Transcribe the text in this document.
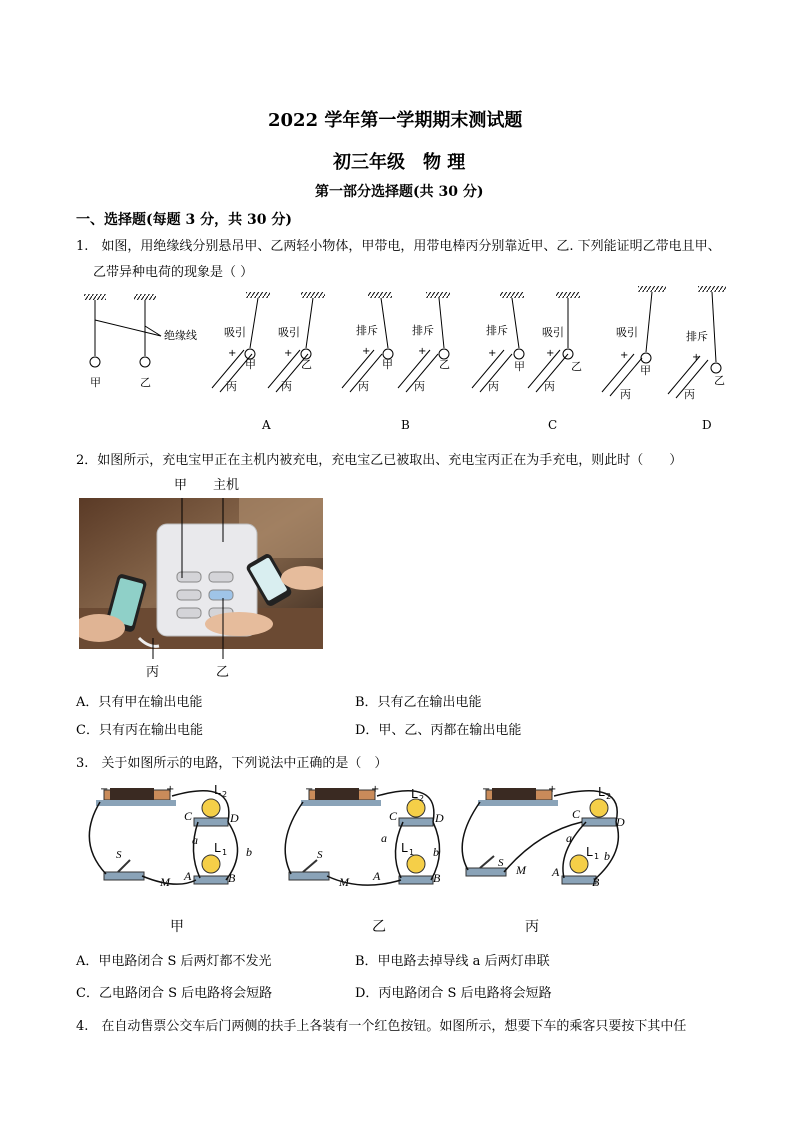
2022 学年第一学期期末测试题
初三年级　物 理
第一部分选择题(共 30 分)
一、选择题(每题 3 分，共 30 分)
1.　如图，用绝缘线分别悬吊甲、乙两轻小物体，甲带电，用带电棒丙分别靠近甲、乙. 下列能证明乙带电且甲、
乙带异种电荷的现象是（ ）
绝缘线
甲	乙
吸引	吸引
+	+
甲	乙
丙	丙
排斥	排斥
+	+
甲	乙
丙	丙
排斥	吸引
+	+
甲	乙
丙	丙
吸引	排斥
+	+
甲
乙
丙	丙
A	B	C	D
2．如图所示，充电宝甲正在主机内被充电，充电宝乙已被取出、充电宝丙正在为手充电，则此时（　　）
甲 主机
丙	乙
A．只有甲在输出电能	B．只有乙在输出电能
C．只有丙在输出电能	D．甲、乙、丙都在输出电能
3.　关于如图所示的电路，下列说法中正确的是（　）
−	+
S
L 2
L 1
C	D
A	B
a
b
M
−	+
S
L 2
L 1
C	D
A	B
a
b
M
−	+
S
L 2
L 1
C
D
A
B
a
b
M
甲	乙	丙
A．甲电路闭合 S 后两灯都不发光	B．甲电路去掉导线 a 后两灯串联
C．乙电路闭合 S 后电路将会短路	D．丙电路闭合 S 后电路将会短路
4.　在自动售票公交车后门两侧的扶手上各装有一个红色按钮。如图所示，想要下车的乘客只要按下其中任
